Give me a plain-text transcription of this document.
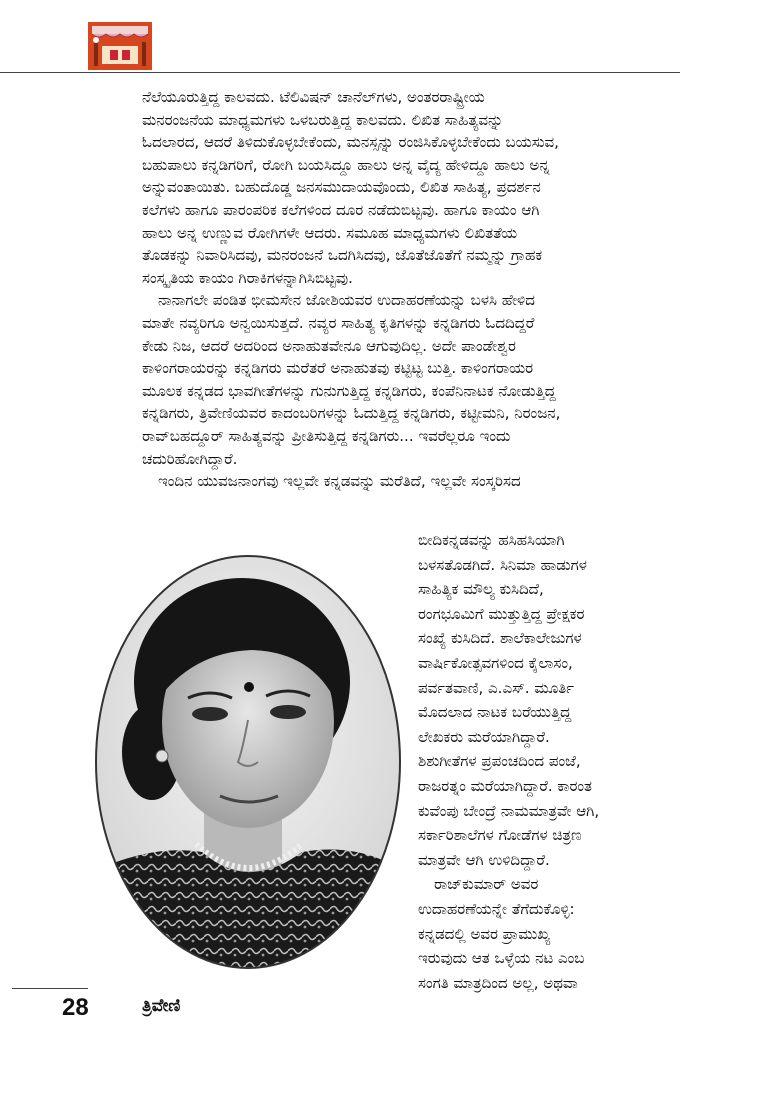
ನೆಲೆಯೂರುತ್ತಿದ್ದ ಕಾಲವದು. ಟೆಲಿವಿಷನ್ ಚಾನೆಲ್‌ಗಳು, ಅಂತರರಾಷ್ಟ್ರೀಯ
ಮನರಂಜನೆಯ ಮಾಧ್ಯಮಗಳು ಒಳಬರುತ್ತಿದ್ದ ಕಾಲವದು. ಲಿಖಿತ ಸಾಹಿತ್ಯವನ್ನು
ಓದಲಾರದ, ಆದರೆ ತಿಳಿದುಕೊಳ್ಳಬೇಕೆಂದು, ಮನಸ್ಸನ್ನು ರಂಜಿಸಿಕೊಳ್ಳಬೇಕೆಂದು ಬಯಸುವ,
ಬಹುಪಾಲು ಕನ್ನಡಿಗರಿಗೆ, ರೋಗಿ ಬಯಸಿದ್ದೂ ಹಾಲು ಅನ್ನ ವೈದ್ಯ ಹೇಳಿದ್ದೂ ಹಾಲು ಅನ್ನ
ಅನ್ನುವಂತಾಯಿತು. ಬಹುದೊಡ್ಡ ಜನಸಮುದಾಯವೊಂದು, ಲಿಖಿತ ಸಾಹಿತ್ಯ, ಪ್ರದರ್ಶನ
ಕಲೆಗಳು ಹಾಗೂ ಪಾರಂಪರಿಕ ಕಲೆಗಳಿಂದ ದೂರ ನಡೆದುಬಿಟ್ಟವು. ಹಾಗೂ ಕಾಯಂ ಆಗಿ
ಹಾಲು ಅನ್ನ ಉಣ್ಣುವ ರೋಗಿಗಳೇ ಆದರು. ಸಮೂಹ ಮಾಧ್ಯಮಗಳು ಲಿಖಿತತೆಯ
ತೊಡಕನ್ನು ನಿವಾರಿಸಿದವು, ಮನರಂಜನೆ ಒದಗಿಸಿದವು, ಜೊತೆಜೊತೆಗೆ ನಮ್ಮನ್ನು ಗ್ರಾಹಕ
ಸಂಸ್ಕೃತಿಯ ಕಾಯಂ ಗಿರಾಕಿಗಳನ್ನಾಗಿಸಿಬಿಟ್ಟವು.
ನಾನಾಗಲೇ ಪಂಡಿತ ಭೀಮಸೇನ ಜೋಶಿಯವರ ಉದಾಹರಣೆಯನ್ನು ಬಳಸಿ ಹೇಳಿದ
ಮಾತೇ ನವ್ಯರಿಗೂ ಅನ್ವಯಿಸುತ್ತದೆ. ನವ್ಯರ ಸಾಹಿತ್ಯ ಕೃತಿಗಳನ್ನು ಕನ್ನಡಿಗರು ಓದದಿದ್ದರೆ
ಕೇಡು ನಿಜ, ಆದರೆ ಅದರಿಂದ ಅನಾಹುತವೇನೂ ಆಗುವುದಿಲ್ಲ. ಅದೇ ಪಾಂಡೇಶ್ವರ
ಕಾಳಿಂಗರಾಯರನ್ನು ಕನ್ನಡಿಗರು ಮರೆತರೆ ಅನಾಹುತವು ಕಟ್ಟಿಟ್ಟ ಬುತ್ತಿ. ಕಾಳಿಂಗರಾಯರ
ಮೂಲಕ ಕನ್ನಡದ ಭಾವಗೀತೆಗಳನ್ನು ಗುನುಗುತ್ತಿದ್ದ ಕನ್ನಡಿಗರು, ಕಂಪೆನಿನಾಟಕ ನೋಡುತ್ತಿದ್ದ
ಕನ್ನಡಿಗರು, ತ್ರಿವೇಣಿಯವರ ಕಾದಂಬರಿಗಳನ್ನು ಓದುತ್ತಿದ್ದ ಕನ್ನಡಿಗರು, ಕಟ್ಟೀಮನಿ, ನಿರಂಜನ,
ರಾವ್‌ಬಹದ್ದೂರ್ ಸಾಹಿತ್ಯವನ್ನು ಪ್ರೀತಿಸುತ್ತಿದ್ದ ಕನ್ನಡಿಗರು... ಇವರೆಲ್ಲರೂ ಇಂದು
ಚದುರಿಹೋಗಿದ್ದಾರೆ.
ಇಂದಿನ ಯುವಜನಾಂಗವು ಇಲ್ಲವೇ ಕನ್ನಡವನ್ನು ಮರೆತಿದೆ, ಇಲ್ಲವೇ ಸಂಸ್ಕರಿಸದ
ಬೀದಿಕನ್ನಡವನ್ನು ಹಸಿಹಸಿಯಾಗಿ
ಬಳಸತೊಡಗಿದೆ. ಸಿನಿಮಾ ಹಾಡುಗಳ
ಸಾಹಿತ್ಯಿಕ ಮೌಲ್ಯ ಕುಸಿದಿದೆ,
ರಂಗಭೂಮಿಗೆ ಮುತ್ತುತ್ತಿದ್ದ ಪ್ರೇಕ್ಷಕರ
ಸಂಖ್ಯೆ ಕುಸಿದಿದೆ. ಶಾಲೆಕಾಲೇಜುಗಳ
ವಾರ್ಷಿಕೋತ್ಸವಗಳಿಂದ ಕೈಲಾಸಂ,
ಪರ್ವತವಾಣಿ, ಎ.ಎಸ್. ಮೂರ್ತಿ
ಮೊದಲಾದ ನಾಟಕ ಬರೆಯುತ್ತಿದ್ದ
ಲೇಖಕರು ಮರೆಯಾಗಿದ್ದಾರೆ.
ಶಿಶುಗೀತೆಗಳ ಪ್ರಪಂಚದಿಂದ ಪಂಜೆ,
ರಾಜರತ್ನಂ ಮರೆಯಾಗಿದ್ದಾರೆ. ಕಾರಂತ
ಕುವೆಂಪು ಬೇಂದ್ರೆ ನಾಮಮಾತ್ರವೇ ಆಗಿ,
ಸರ್ಕಾರಿಶಾಲೆಗಳ ಗೋಡೆಗಳ ಚಿತ್ರಣ
ಮಾತ್ರವೇ ಆಗಿ ಉಳಿದಿದ್ದಾರೆ.
ರಾಜ್‌ಕುಮಾರ್ ಅವರ
ಉದಾಹರಣೆಯನ್ನೇ ತೆಗೆದುಕೊಳ್ಳಿ:
ಕನ್ನಡದಲ್ಲಿ ಅವರ ಪ್ರಾಮುಖ್ಯ
ಇರುವುದು ಆತ ಒಳ್ಳೆಯ ನಟ ಎಂಬ
ಸಂಗತಿ ಮಾತ್ರದಿಂದ ಅಲ್ಲ, ಅಥವಾ
28	ತ್ರಿವೇಣಿ
